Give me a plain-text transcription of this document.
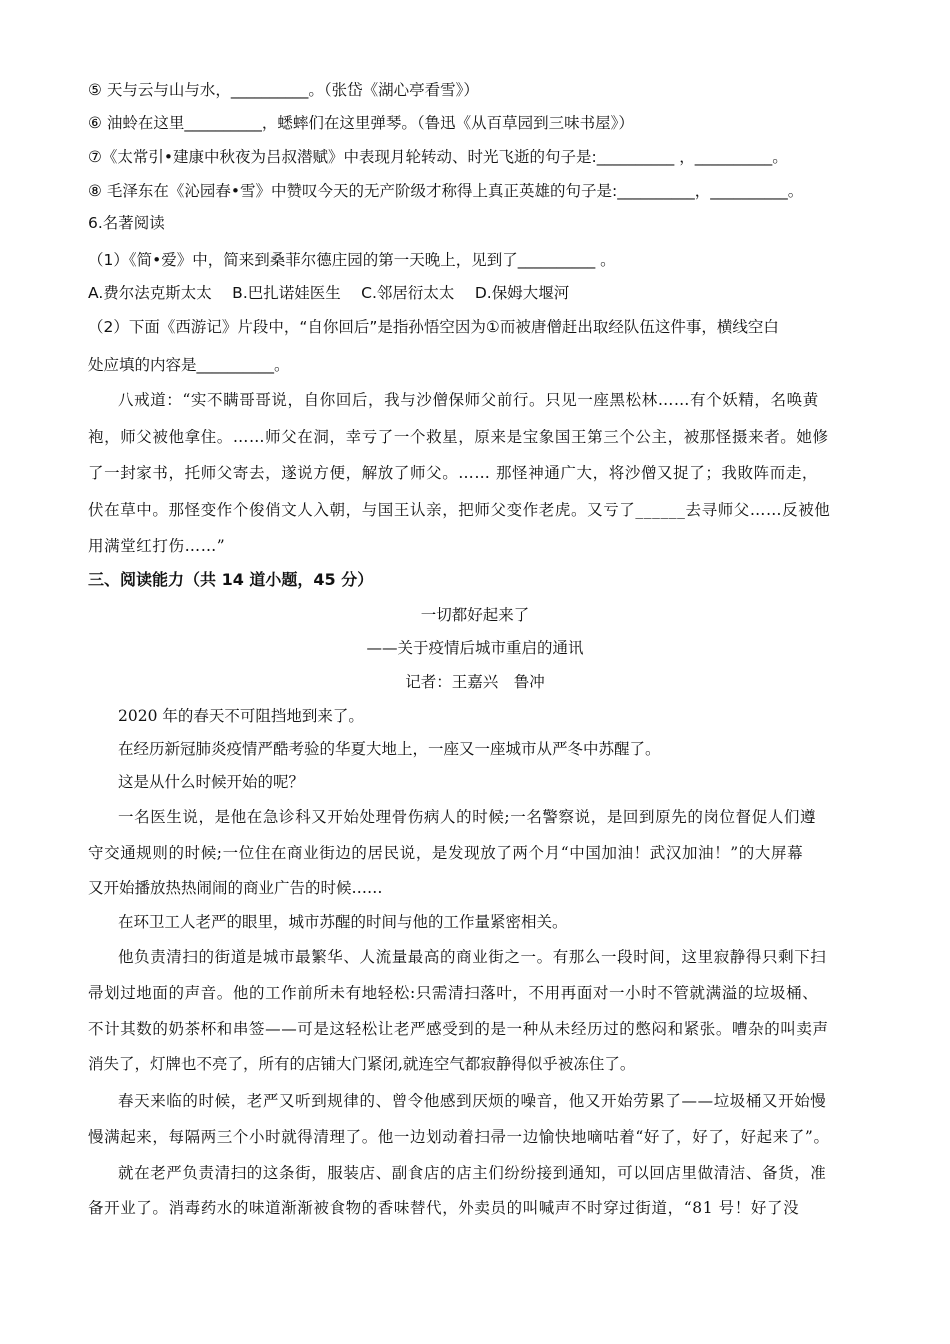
⑤ 天与云与山与水，__________。（张岱《湖心亭看雪》）
⑥ 油蛉在这里__________，蟋蟀们在这里弹琴。（鲁迅《从百草园到三味书屋》）
⑦《太常引•建康中秋夜为吕叔潜赋》中表现月轮转动、时光飞逝的句子是:__________ ，__________。
⑧ 毛泽东在《沁园春•雪》中赞叹今天的无产阶级才称得上真正英雄的句子是:__________，__________。
6.名著阅读
（1）《简•爱》中，简来到桑菲尔德庄园的第一天晚上，见到了__________ 。
A.费尔法克斯太太　 B.巴扎诺娃医生　 C.邻居衍太太　 D.保姆大堰河
（2）下面《西游记》片段中，“自你回后”是指孙悟空因为①而被唐僧赶出取经队伍这件事，横线空白
处应填的内容是__________。
八戒道：“实不瞒哥哥说，自你回后，我与沙僧保师父前行。只见一座黑松林……有个妖精，名唤黄
袍，师父被他拿住。……师父在洞，幸亏了一个救星，原来是宝象国王第三个公主，被那怪摄来者。她修
了一封家书，托师父寄去，遂说方便，解放了师父。…… 那怪神通广大，将沙僧又捉了；我敗阵而走，
伏在草中。那怪变作个俊俏文人入朝，与国王认亲，把师父变作老虎。又亏了______去寻师父……反被他
用满堂红打伤……”
三、阅读能力（共 14 道小题，45 分）
一切都好起来了
——关于疫情后城市重启的通讯
记者：王嘉兴　鲁冲
2020 年的春天不可阻挡地到来了。
在经历新冠肺炎疫情严酷考验的华夏大地上，一座又一座城市从严冬中苏醒了。
这是从什么时候开始的呢？
一名医生说，是他在急诊科又开始处理骨伤病人的时候;一名警察说，是回到原先的岗位督促人们遵
守交通规则的时候;一位住在商业街边的居民说，是发现放了两个月“中国加油！武汉加油！”的大屏幕
又开始播放热热闹闹的商业广告的时候……
在环卫工人老严的眼里，城市苏醒的时间与他的工作量紧密相关。
他负责清扫的街道是城市最繁华、人流量最高的商业街之一。有那么一段时间，这里寂静得只剩下扫
帚划过地面的声音。他的工作前所未有地轻松:只需清扫落叶，不用再面对一小时不管就满溢的垃圾桶、
不计其数的奶茶杯和串签——可是这轻松让老严感受到的是一种从未经历过的憋闷和紧张。嘈杂的叫卖声
消失了，灯牌也不亮了，所有的店铺大门紧闭,就连空气都寂静得似乎被冻住了。
春天来临的时候，老严又听到规律的、曾令他感到厌烦的噪音，他又开始劳累了——垃圾桶又开始慢
慢满起来，每隔两三个小时就得清理了。他一边划动着扫帚一边愉快地嘀咕着“好了，好了，好起来了”。
就在老严负责清扫的这条街，服装店、副食店的店主们纷纷接到通知，可以回店里做清洁、备货，准
备开业了。消毒药水的味道渐渐被食物的香味替代，外卖员的叫喊声不时穿过街道，“81 号！好了没
